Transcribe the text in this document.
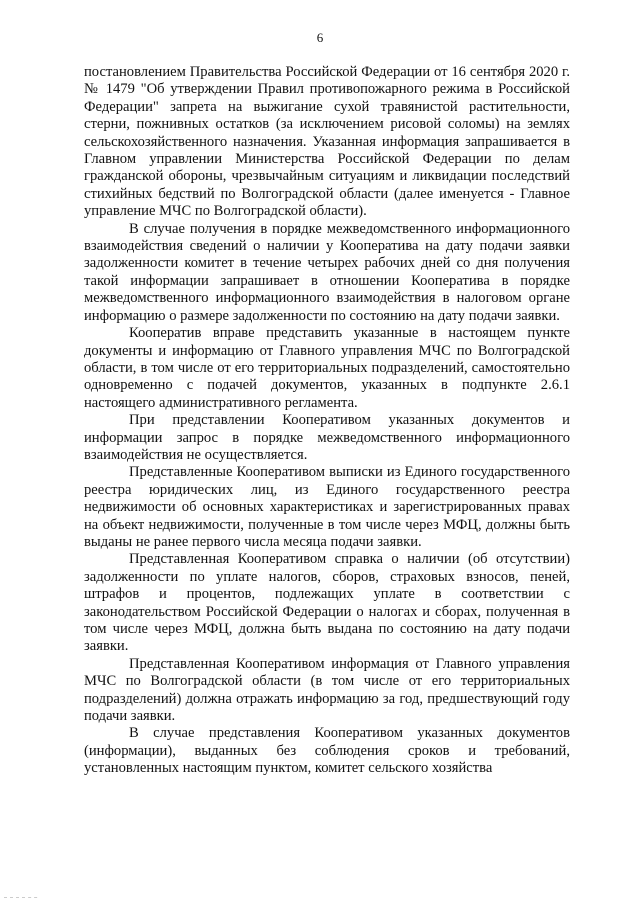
6

постановлением Правительства Российской Федерации от 16 сентября 2020 г. № 1479 "Об утверждении Правил противопожарного режима в Российской Федерации" запрета на выжигание сухой травянистой растительности, стерни, пожнивных остатков (за исключением рисовой соломы) на землях сельскохозяйственного назначения. Указанная информация запрашивается в Главном управлении Министерства Российской Федерации по делам гражданской обороны, чрезвычайным ситуациям и ликвидации последствий стихийных бедствий по Волгоградской области (далее именуется - Главное управление МЧС по Волгоградской области).

В случае получения в порядке межведомственного информационного взаимодействия сведений о наличии у Кооператива на дату подачи заявки задолженности комитет в течение четырех рабочих дней со дня получения такой информации запрашивает в отношении Кооператива в порядке межведомственного информационного взаимодействия в налоговом органе информацию о размере задолженности по состоянию на дату подачи заявки.

Кооператив вправе представить указанные в настоящем пункте документы и информацию от Главного управления МЧС по Волгоградской области, в том числе от его территориальных подразделений, самостоятельно одновременно с подачей документов, указанных в подпункте 2.6.1 настоящего административного регламента.

При представлении Кооперативом указанных документов и информации запрос в порядке межведомственного информационного взаимодействия не осуществляется.

Представленные Кооперативом выписки из Единого государственного реестра юридических лиц, из Единого государственного реестра недвижимости об основных характеристиках и зарегистрированных правах на объект недвижимости, полученные в том числе через МФЦ, должны быть выданы не ранее первого числа месяца подачи заявки.

Представленная Кооперативом справка о наличии (об отсутствии) задолженности по уплате налогов, сборов, страховых взносов, пеней, штрафов и процентов, подлежащих уплате в соответствии с законодательством Российской Федерации о налогах и сборах, полученная в том числе через МФЦ, должна быть выдана по состоянию на дату подачи заявки.

Представленная Кооперативом информация от Главного управления МЧС по Волгоградской области (в том числе от его территориальных подразделений) должна отражать информацию за год, предшествующий году подачи заявки.

В случае представления Кооперативом указанных документов (информации), выданных без соблюдения сроков и требований, установленных настоящим пунктом, комитет сельского хозяйства

— — — — — —
